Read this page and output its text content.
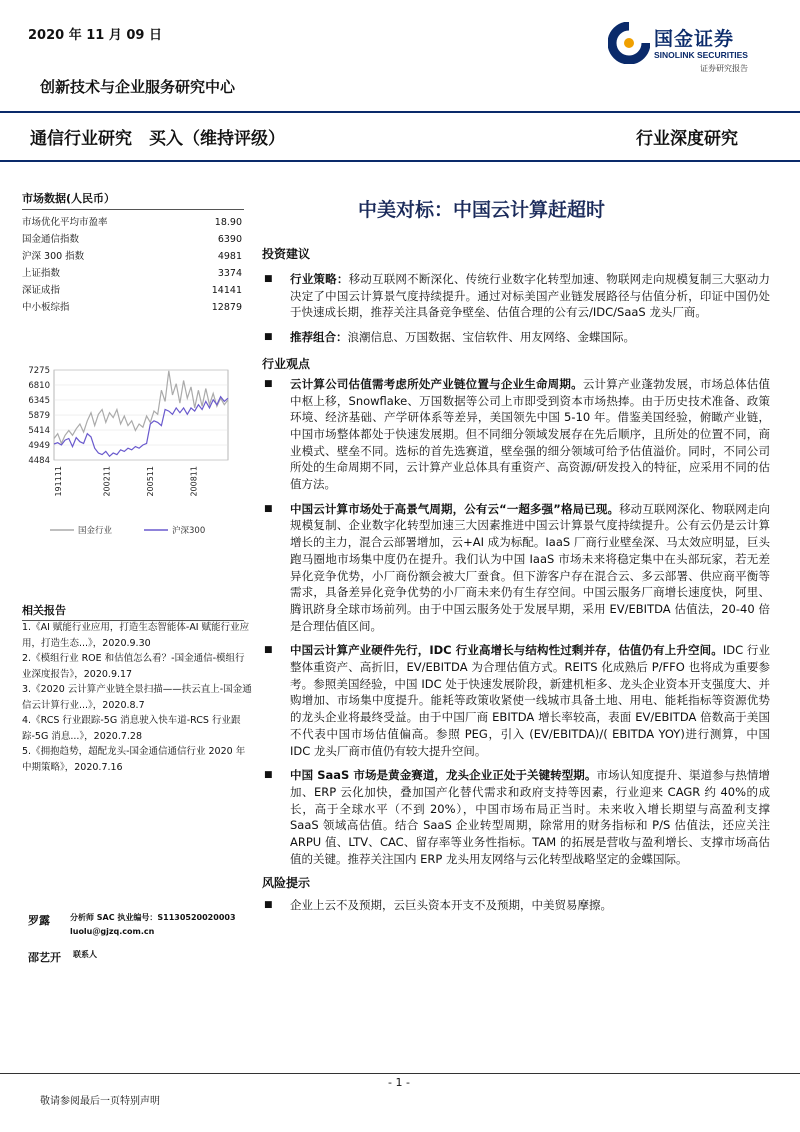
2020 年 11 月 09 日	国金证券
SINOLINK SECURITIES
证券研究报告
创新技术与企业服务研究中心
通信行业研究　买入（维持评级）	行业深度研究
市场数据(人民币）
市场优化平均市盈率	18.90
国金通信指数	6390
沪深 300 指数	4981
上证指数	3374
深证成指	14141
中小板综指	12879
7275
6810
6345
5879
5414
4949
4484
191111	200211	200511	200811
国金行业	沪深300
相关报告
1.《AI 赋能行业应用，打造生态智能体-AI 赋能行业应用，打造生态...》，2020.9.30
2.《模组行业 ROE 和估值怎么看？-国金通信-模组行业深度报告》，2020.9.17
3.《2020 云计算产业链全景扫描——扶云直上-国金通信云计算行业...》，2020.8.7
4.《RCS 行业跟踪-5G 消息驶入快车道-RCS 行业跟踪-5G 消息...》，2020.7.28
5.《拥抱趋势，超配龙头-国金通信通信行业 2020 年中期策略》，2020.7.16
罗露	分析师 SAC 执业编号：S1130520020003
luolu＠gjzq.com.cn
邵艺开 联系人
中美对标：中国云计算赶超时
投资建议
■ 行业策略：移动互联网不断深化、传统行业数字化转型加速、物联网走向规模复制三大驱动力决定了中国云计算景气度持续提升。通过对标美国产业链发展路径与估值分析，印证中国仍处于快速成长期，推荐关注具备竞争壁垒、估值合理的公有云/IDC/SaaS 龙头厂商。
■ 推荐组合：浪潮信息、万国数据、宝信软件、用友网络、金蝶国际。
行业观点
■ 云计算公司估值需考虑所处产业链位置与企业生命周期。云计算产业蓬勃发展，市场总体估值中枢上移，Snowflake、万国数据等公司上市即受到资本市场热捧。由于历史技术准备、政策环境、经济基础、产学研体系等差异，美国领先中国 5-10 年。借鉴美国经验，俯瞰产业链，中国市场整体都处于快速发展期。但不同细分领域发展存在先后顺序，且所处的位置不同，商业模式、壁垒不同。选标的首先选赛道，壁垒强的细分领域可给予估值溢价。同时，不同公司所处的生命周期不同，云计算产业总体具有重资产、高资源/研发投入的特征，应采用不同的估值方法。
■ 中国云计算市场处于高景气周期，公有云“一超多强”格局已现。移动互联网深化、物联网走向规模复制、企业数字化转型加速三大因素推进中国云计算景气度持续提升。公有云仍是云计算增长的主力，混合云部署增加，云+AI 成为标配。IaaS 厂商行业壁垒深、马太效应明显，巨头跑马圈地市场集中度仍在提升。我们认为中国 IaaS 市场未来将稳定集中在头部玩家，若无差异化竞争优势，小厂商份额会被大厂蚕食。但下游客户存在混合云、多云部署、供应商平衡等需求，具备差异化竞争优势的小厂商未来仍有生存空间。中国云服务厂商增长速度快，阿里、腾讯跻身全球市场前列。由于中国云服务处于发展早期，采用 EV/EBITDA 估值法，20-40 倍是合理估值区间。
■ 中国云计算产业硬件先行，IDC 行业高增长与结构性过剩并存，估值仍有上升空间。IDC 行业整体重资产、高折旧，EV/EBITDA 为合理估值方式。REITS 化成熟后 P/FFO 也将成为重要参考。参照美国经验，中国 IDC 处于快速发展阶段，新建机柜多、龙头企业资本开支强度大、并购增加、市场集中度提升。能耗等政策收紧使一线城市具备土地、用电、能耗指标等资源优势的龙头企业将最终受益。由于中国厂商 EBITDA 增长率较高，表面 EV/EBITDA 倍数高于美国不代表中国市场估值偏高。参照 PEG，引入 (EV/EBITDA)/( EBITDA YOY)进行测算，中国 IDC 龙头厂商市值仍有较大提升空间。
■ 中国 SaaS 市场是黄金赛道，龙头企业正处于关键转型期。市场认知度提升、渠道参与热情增加、ERP 云化加快，叠加国产化替代需求和政府支持等因素，行业迎来 CAGR 约 40%的成长，高于全球水平（不到 20%），中国市场布局正当时。未来收入增长期望与高盈利支撑 SaaS 领域高估值。结合 SaaS 企业转型周期，除常用的财务指标和 P/S 估值法，还应关注 ARPU 值、LTV、CAC、留存率等业务性指标。TAM 的拓展是营收与盈利增长、支撑市场高估值的关键。推荐关注国内 ERP 龙头用友网络与云化转型战略坚定的金蝶国际。
风险提示
■ 企业上云不及预期，云巨头资本开支不及预期，中美贸易摩擦。
- 1 -
敬请参阅最后一页特别声明
